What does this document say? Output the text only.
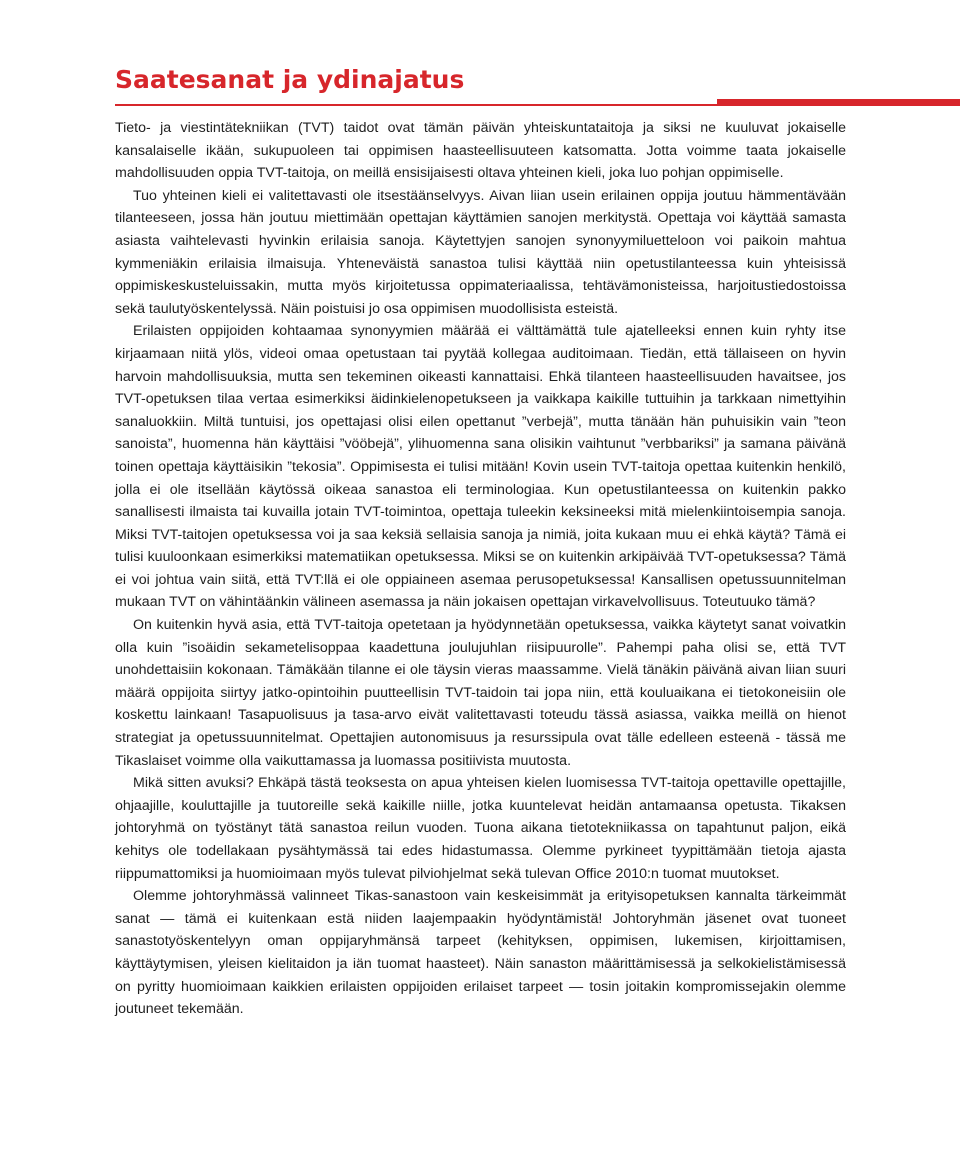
Saatesanat ja ydinajatus

Tieto- ja viestintätekniikan (TVT) taidot ovat tämän päivän yhteiskuntataitoja ja siksi ne kuuluvat jokaiselle kansalaiselle ikään, sukupuoleen tai oppimisen haasteellisuuteen katsomatta. Jotta voimme taata jokaiselle mahdollisuuden oppia TVT-taitoja, on meillä ensisijaisesti oltava yhteinen kieli, joka luo pohjan oppimiselle.

Tuo yhteinen kieli ei valitettavasti ole itsestäänselvyys. Aivan liian usein erilainen oppija joutuu hämmentävään tilanteeseen, jossa hän joutuu miettimään opettajan käyttämien sanojen merkitystä. Opettaja voi käyttää samasta asiasta vaihtelevasti hyvinkin erilaisia sanoja. Käytettyjen sanojen synonyymiluetteloon voi paikoin mahtua kymmeniäkin erilaisia ilmaisuja. Yhteneväistä sanastoa tulisi käyttää niin opetustilanteessa kuin yhteisissä oppimiskeskusteluissakin, mutta myös kirjoitetussa oppimateriaalissa, tehtävämonisteissa, harjoitustiedostoissa sekä taulutyöskentelyssä. Näin poistuisi jo osa oppimisen muodollisista esteistä.

Erilaisten oppijoiden kohtaamaa synonyymien määrää ei välttämättä tule ajatelleeksi ennen kuin ryhty itse kirjaamaan niitä ylös, videoi omaa opetustaan tai pyytää kollegaa auditoimaan. Tiedän, että tällaiseen on hyvin harvoin mahdollisuuksia, mutta sen tekeminen oikeasti kannattaisi. Ehkä tilanteen haasteellisuuden havaitsee, jos TVT-opetuksen tilaa vertaa esimerkiksi äidinkielenopetukseen ja vaikkapa kaikille tuttuihin ja tarkkaan nimettyihin sanaluokkiin. Miltä tuntuisi, jos opettajasi olisi eilen opettanut ”verbejä”, mutta tänään hän puhuisikin vain ”teon sanoista”, huomenna hän käyttäisi ”vööbejä”, ylihuomenna sana olisikin vaihtunut ”verbbariksi” ja samana päivänä toinen opettaja käyttäisikin ”tekosia”. Oppimisesta ei tulisi mitään! Kovin usein TVT-taitoja opettaa kuitenkin henkilö, jolla ei ole itsellään käytössä oikeaa sanastoa eli terminologiaa. Kun opetustilanteessa on kuitenkin pakko sanallisesti ilmaista tai kuvailla jotain TVT-toimintoa, opettaja tuleekin keksineeksi mitä mielenkiintoisempia sanoja. Miksi TVT-taitojen opetuksessa voi ja saa keksiä sellaisia sanoja ja nimiä, joita kukaan muu ei ehkä käytä? Tämä ei tulisi kuuloonkaan esimerkiksi matematiikan opetuksessa. Miksi se on kuitenkin arkipäivää TVT-opetuksessa? Tämä ei voi johtua vain siitä, että TVT:llä ei ole oppiaineen asemaa perusopetuksessa! Kansallisen opetussuunnitelman mukaan TVT on vähintäänkin välineen asemassa ja näin jokaisen opettajan virkavelvollisuus. Toteutuuko tämä?

On kuitenkin hyvä asia, että TVT-taitoja opetetaan ja hyödynnetään opetuksessa, vaikka käytetyt sanat voivatkin olla kuin ”isoäidin sekametelisoppaa kaadettuna joulujuhlan riisipuurolle”. Pahempi paha olisi se, että TVT unohdettaisiin kokonaan. Tämäkään tilanne ei ole täysin vieras maassamme. Vielä tänäkin päivänä aivan liian suuri määrä oppijoita siirtyy jatko-opintoihin puutteellisin TVT-taidoin tai jopa niin, että kouluaikana ei tietokoneisiin ole koskettu lainkaan! Tasapuolisuus ja tasa-arvo eivät valitettavasti toteudu tässä asiassa, vaikka meillä on hienot strategiat ja opetussuunnitelmat. Opettajien autonomisuus ja resurssipula ovat tälle edelleen esteenä - tässä me Tikaslaiset voimme olla vaikuttamassa ja luomassa positiivista muutosta.

Mikä sitten avuksi? Ehkäpä tästä teoksesta on apua yhteisen kielen luomisessa TVT-taitoja opettaville opettajille, ohjaajille, kouluttajille ja tuutoreille sekä kaikille niille, jotka kuuntelevat heidän antamaansa opetusta. Tikaksen johtoryhmä on työstänyt tätä sanastoa reilun vuoden. Tuona aikana tietotekniikassa on tapahtunut paljon, eikä kehitys ole todellakaan pysähtymässä tai edes hidastumassa. Olemme pyrkineet tyypittämään tietoja ajasta riippumattomiksi ja huomioimaan myös tulevat pilviohjelmat sekä tulevan Office 2010:n tuomat muutokset.

Olemme johtoryhmässä valinneet Tikas-sanastoon vain keskeisimmät ja erityisopetuksen kannalta tärkeimmät sanat — tämä ei kuitenkaan estä niiden laajempaakin hyödyntämistä! Johtoryhmän jäsenet ovat tuoneet sanastotyöskentelyyn oman oppijaryhmänsä tarpeet (kehityksen, oppimisen, lukemisen, kirjoittamisen, käyttäytymisen, yleisen kielitaidon ja iän tuomat haasteet). Näin sanaston määrittämisessä ja selkokielistämisessä on pyritty huomioimaan kaikkien erilaisten oppijoiden erilaiset tarpeet — tosin joitakin kompromissejakin olemme joutuneet tekemään.
